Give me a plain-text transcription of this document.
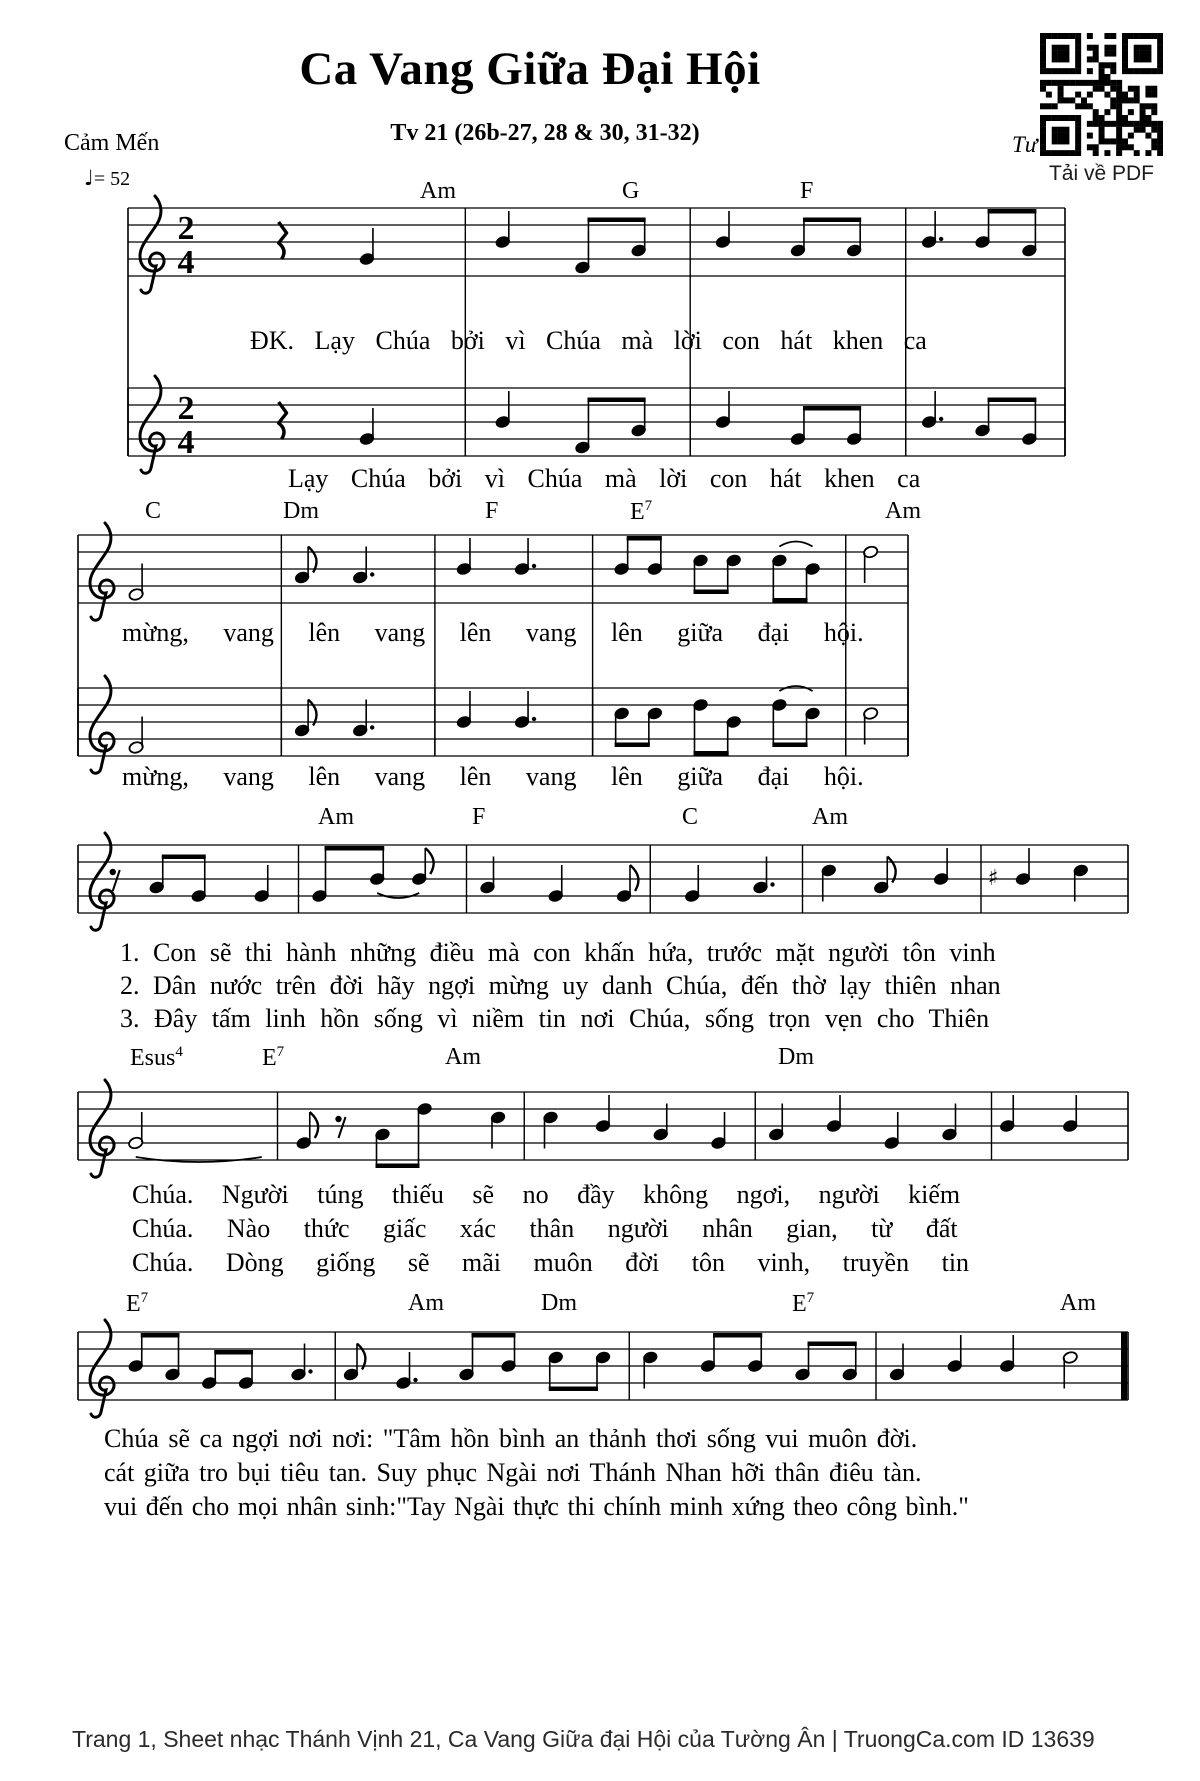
2
4
2
4
♯
Ca Vang Giữa Đại Hội
Tv 21 (26b-27, 28 & 30, 31-32)
Cảm Mến
♩= 52
Tư
Tải về PDF
Trang 1, Sheet nhạc Thánh Vịnh 21, Ca Vang Giữa đại Hội của Tường Ân | TruongCa.com ID 13639
Am	G	F
ĐK. Lạy Chúa bởi vì Chúa mà lời con hát khen ca
Lạy Chúa bởi vì Chúa mà lời con hát khen ca
C	Dm	F	$E^7$	Am
mừng, vang lên vang lên vang lên giữa đại hội.
mừng, vang lên vang lên vang lên giữa đại hội.
Am	F	C	Am
1. Con sẽ thi hành những điều mà con khấn hứa, trước mặt người tôn vinh
2. Dân nước trên đời hãy ngợi mừng uy danh Chúa, đến thờ lạy thiên nhan
3. Đây tấm linh hồn sống vì niềm tin nơi Chúa, sống trọn vẹn cho Thiên
Esus$^4$	$E^7$	Am	Dm
Chúa. Người túng thiếu sẽ no đầy không ngơi, người kiếm
Chúa. Nào thức giấc xác thân người nhân gian, từ đất
Chúa. Dòng giống sẽ mãi muôn đời tôn vinh, truyền tin
$E^7$	Am	Dm	$E^7$	Am
Chúa sẽ ca ngợi nơi nơi: "Tâm hồn bình an thảnh thơi sống vui muôn đời.
cát giữa tro bụi tiêu tan. Suy phục Ngài nơi Thánh Nhan hỡi thân điêu tàn.
vui đến cho mọi nhân sinh:"Tay Ngài thực thi chính minh xứng theo công bình."
